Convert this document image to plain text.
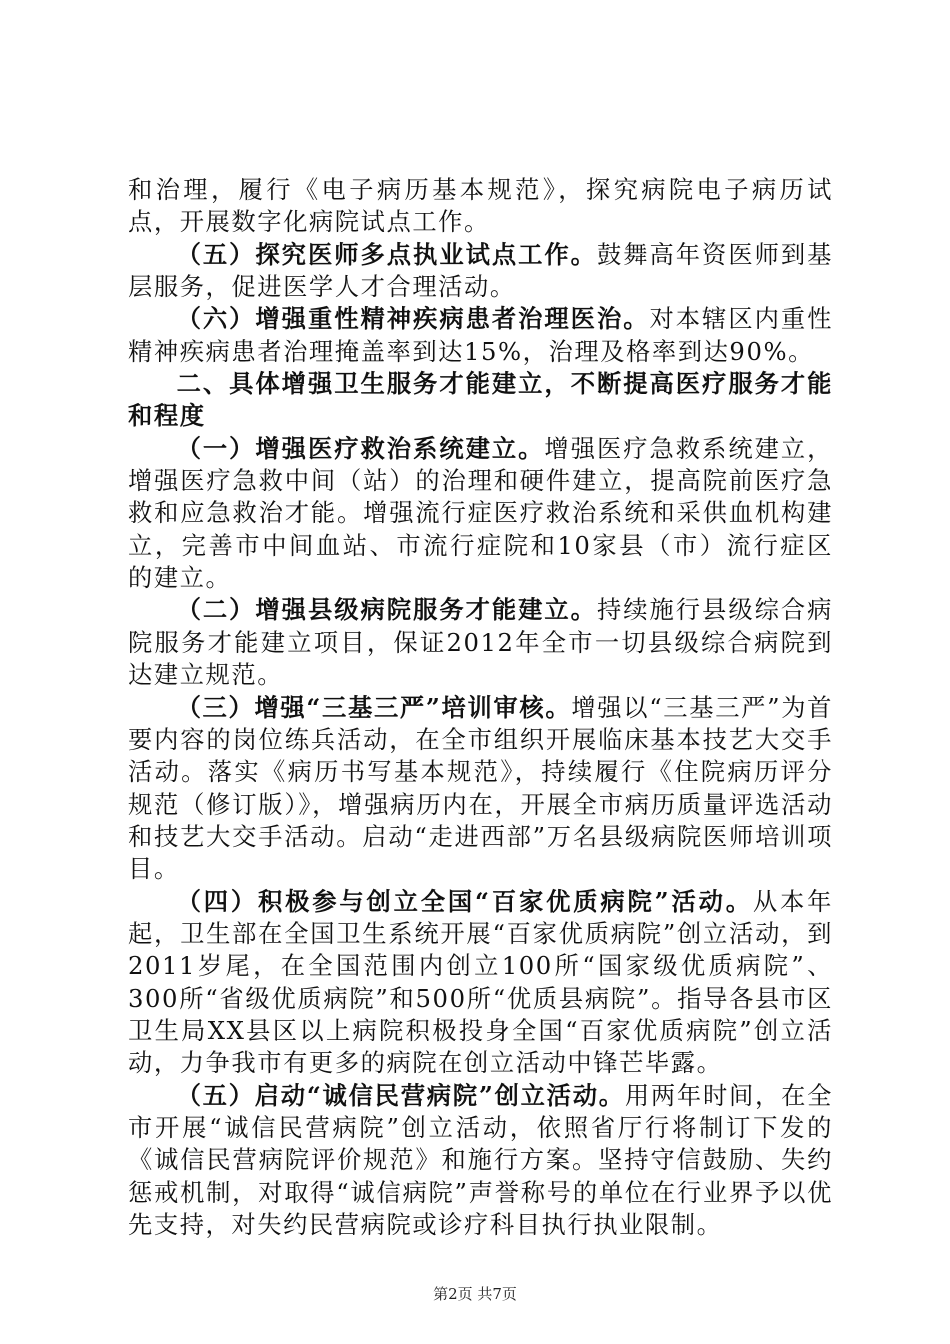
和治理，履行《电子病历基本规范》，探究病院电子病历试点，开展数字化病院试点工作。

（五）探究医师多点执业试点工作。鼓舞高年资医师到基层服务，促进医学人才合理活动。

（六）增强重性精神疾病患者治理医治。对本辖区内重性精神疾病患者治理掩盖率到达15%，治理及格率到达90%。

二、具体增强卫生服务才能建立，不断提高医疗服务才能和程度

（一）增强医疗救治系统建立。增强医疗急救系统建立，增强医疗急救中间（站）的治理和硬件建立，提高院前医疗急救和应急救治才能。增强流行症医疗救治系统和采供血机构建立，完善市中间血站、市流行症院和10家县（市）流行症区的建立。

（二）增强县级病院服务才能建立。持续施行县级综合病院服务才能建立项目，保证2012年全市一切县级综合病院到达建立规范。

（三）增强“三基三严”培训审核。增强以“三基三严”为首要内容的岗位练兵活动，在全市组织开展临床基本技艺大交手活动。落实《病历书写基本规范》，持续履行《住院病历评分规范（修订版）》，增强病历内在，开展全市病历质量评选活动和技艺大交手活动。启动“走进西部”万名县级病院医师培训项目。

（四）积极参与创立全国“百家优质病院”活动。从本年起，卫生部在全国卫生系统开展“百家优质病院”创立活动，到2011岁尾，在全国范围内创立100所“国家级优质病院”、300所“省级优质病院”和500所“优质县病院”。指导各县市区卫生局XX县区以上病院积极投身全国“百家优质病院”创立活动，力争我市有更多的病院在创立活动中锋芒毕露。

（五）启动“诚信民营病院”创立活动。用两年时间，在全市开展“诚信民营病院”创立活动，依照省厅行将制订下发的《诚信民营病院评价规范》和施行方案。坚持守信鼓励、失约惩戒机制，对取得“诚信病院”声誉称号的单位在行业界予以优先支持，对失约民营病院或诊疗科目执行执业限制。

第2页 共7页
